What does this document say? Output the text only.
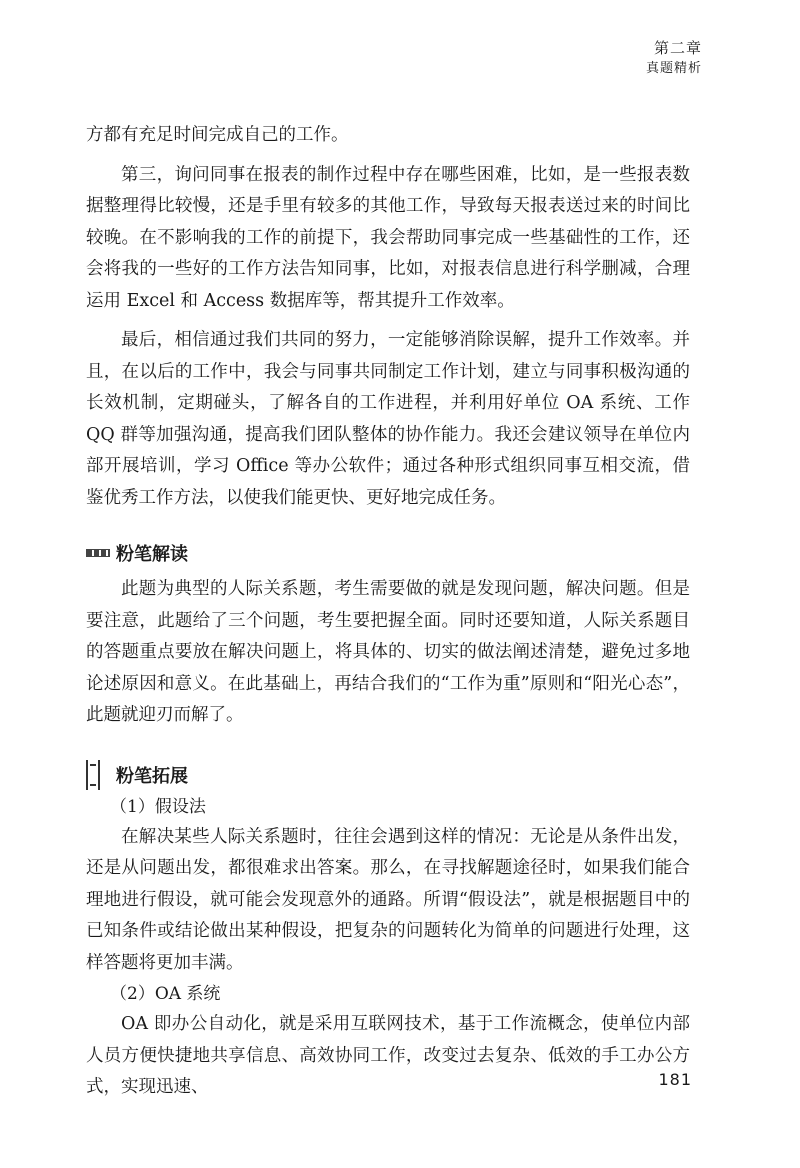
第二章
真题精析

方都有充足时间完成自己的工作。

第三，询问同事在报表的制作过程中存在哪些困难，比如，是一些报表数据整理得比较慢，还是手里有较多的其他工作，导致每天报表送过来的时间比较晚。在不影响我的工作的前提下，我会帮助同事完成一些基础性的工作，还会将我的一些好的工作方法告知同事，比如，对报表信息进行科学删减，合理运用 Excel 和 Access 数据库等，帮其提升工作效率。

最后，相信通过我们共同的努力，一定能够消除误解，提升工作效率。并且，在以后的工作中，我会与同事共同制定工作计划，建立与同事积极沟通的长效机制，定期碰头，了解各自的工作进程，并利用好单位 OA 系统、工作 QQ 群等加强沟通，提高我们团队整体的协作能力。我还会建议领导在单位内部开展培训，学习 Office 等办公软件；通过各种形式组织同事互相交流，借鉴优秀工作方法，以使我们能更快、更好地完成任务。

粉笔解读

此题为典型的人际关系题，考生需要做的就是发现问题，解决问题。但是要注意，此题给了三个问题，考生要把握全面。同时还要知道，人际关系题目的答题重点要放在解决问题上，将具体的、切实的做法阐述清楚，避免过多地论述原因和意义。在此基础上，再结合我们的“工作为重”原则和“阳光心态”，此题就迎刃而解了。

粉笔拓展

（1）假设法

在解决某些人际关系题时，往往会遇到这样的情况：无论是从条件出发，还是从问题出发，都很难求出答案。那么，在寻找解题途径时，如果我们能合理地进行假设，就可能会发现意外的通路。所谓“假设法”，就是根据题目中的已知条件或结论做出某种假设，把复杂的问题转化为简单的问题进行处理，这样答题将更加丰满。

（2）OA 系统

OA 即办公自动化，就是采用互联网技术，基于工作流概念，使单位内部人员方便快捷地共享信息、高效协同工作，改变过去复杂、低效的手工办公方式，实现迅速、	181
